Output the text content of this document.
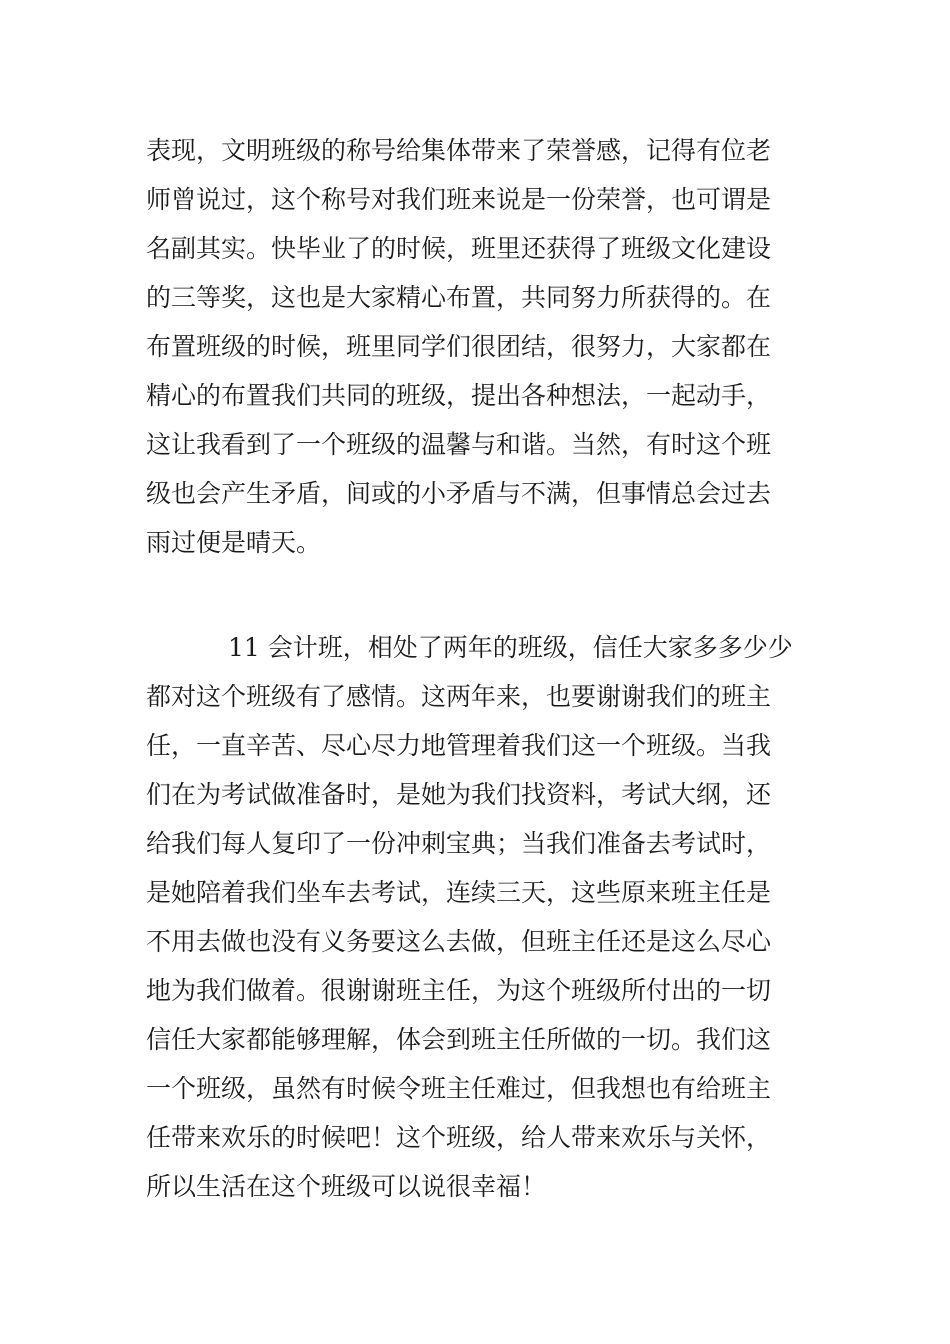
表现，文明班级的称号给集体带来了荣誉感，记得有位老
师曾说过，这个称号对我们班来说是一份荣誉，也可谓是
名副其实。快毕业了的时候，班里还获得了班级文化建设
的三等奖，这也是大家精心布置，共同努力所获得的。在
布置班级的时候，班里同学们很团结，很努力，大家都在
精心的布置我们共同的班级，提出各种想法，一起动手，
这让我看到了一个班级的温馨与和谐。当然，有时这个班
级也会产生矛盾，间或的小矛盾与不满，但事情总会过去
雨过便是晴天。
11 会计班，相处了两年的班级，信任大家多多少少
都对这个班级有了感情。这两年来，也要谢谢我们的班主
任，一直辛苦、尽心尽力地管理着我们这一个班级。当我
们在为考试做准备时，是她为我们找资料，考试大纲，还
给我们每人复印了一份冲刺宝典；当我们准备去考试时，
是她陪着我们坐车去考试，连续三天，这些原来班主任是
不用去做也没有义务要这么去做，但班主任还是这么尽心
地为我们做着。很谢谢班主任，为这个班级所付出的一切
信任大家都能够理解，体会到班主任所做的一切。我们这
一个班级，虽然有时候令班主任难过，但我想也有给班主
任带来欢乐的时候吧！这个班级，给人带来欢乐与关怀，
所以生活在这个班级可以说很幸福！
